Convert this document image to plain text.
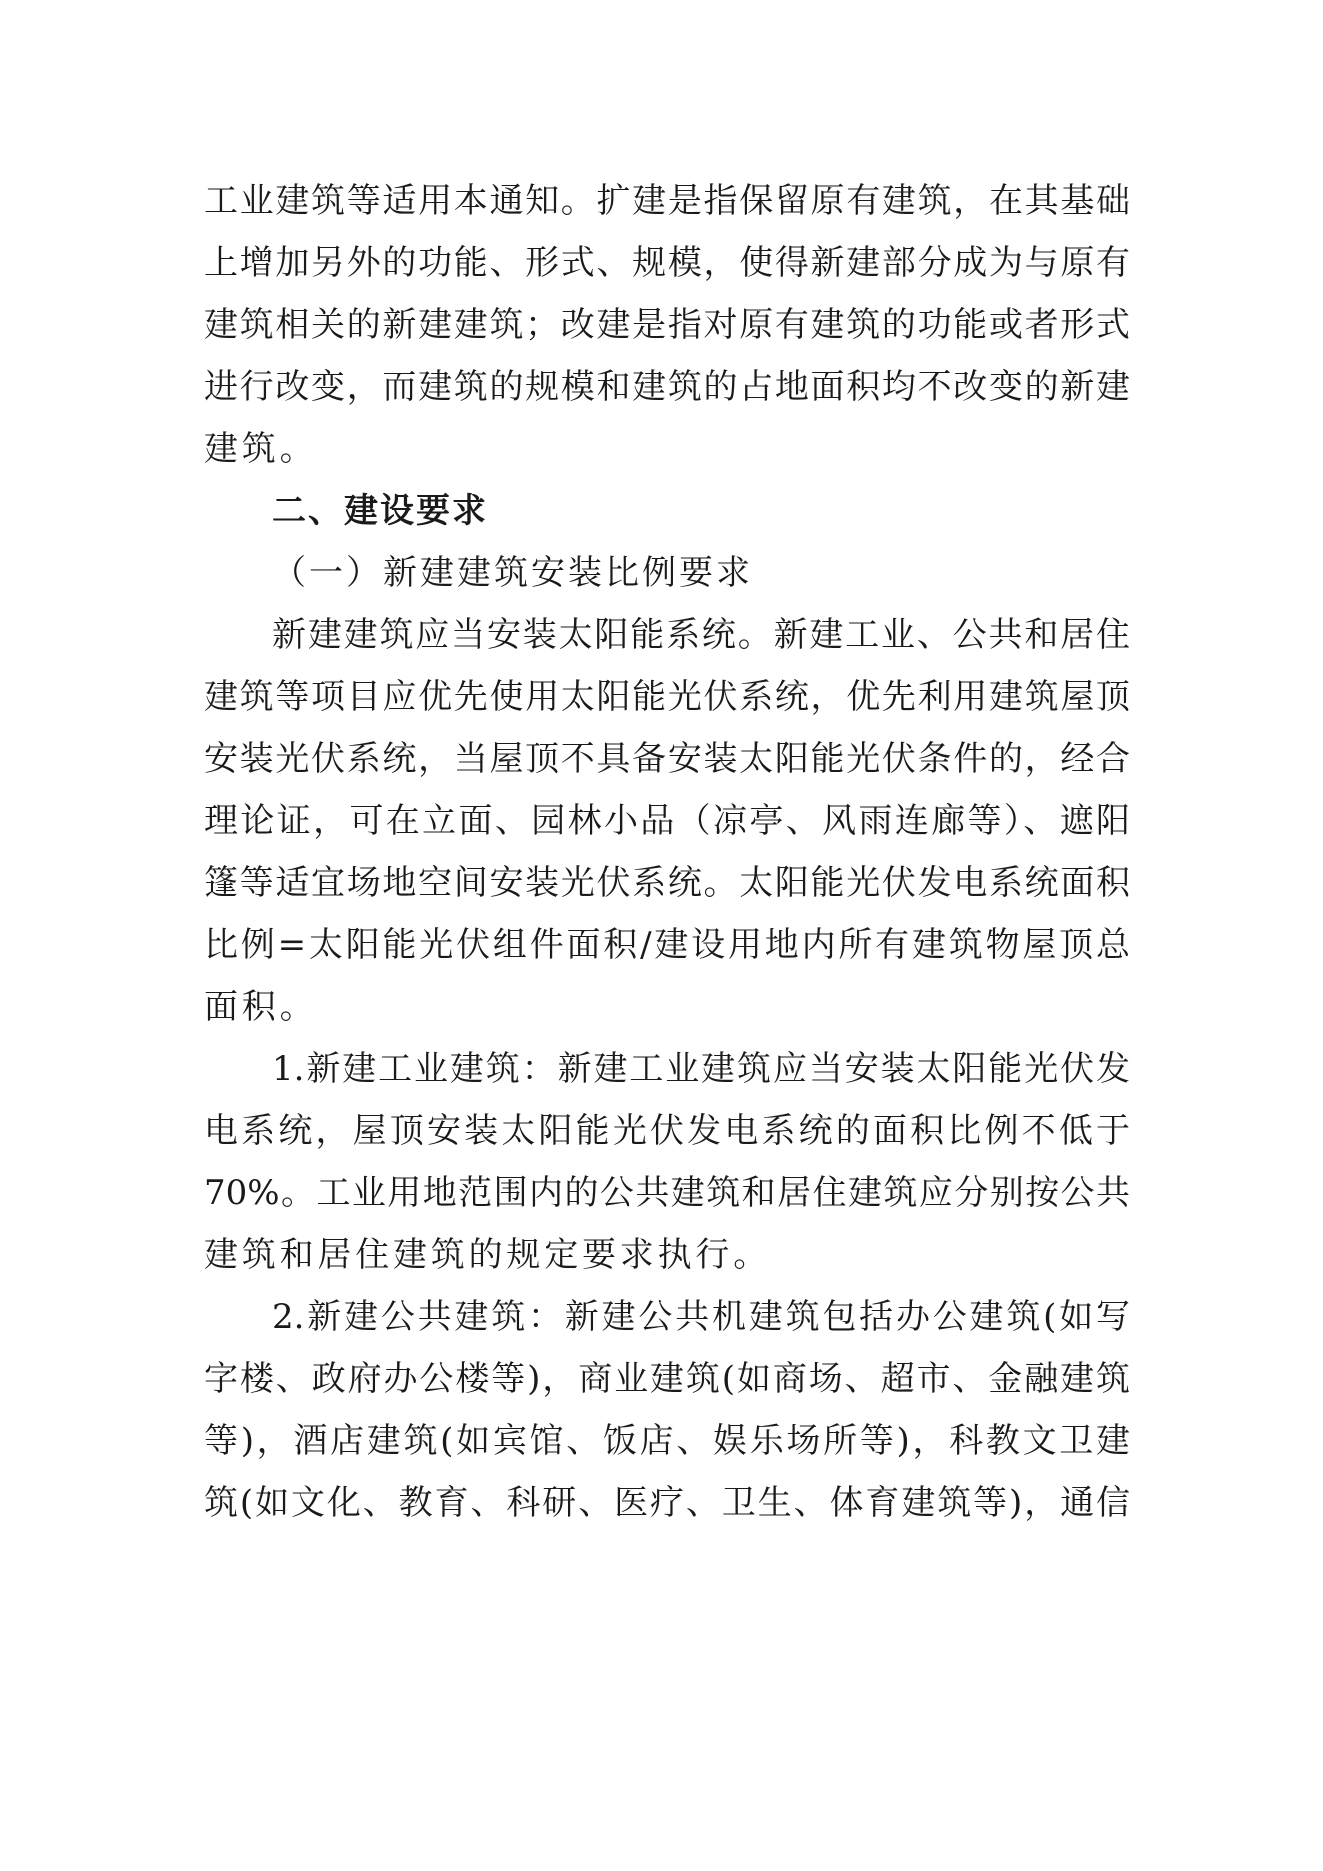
工业建筑等适用本通知。扩建是指保留原有建筑，在其基础
上增加另外的功能、形式、规模，使得新建部分成为与原有
建筑相关的新建建筑；改建是指对原有建筑的功能或者形式
进行改变，而建筑的规模和建筑的占地面积均不改变的新建
建筑。
二、建设要求
（一）新建建筑安装比例要求
新建建筑应当安装太阳能系统。新建工业、公共和居住
建筑等项目应优先使用太阳能光伏系统，优先利用建筑屋顶
安装光伏系统，当屋顶不具备安装太阳能光伏条件的，经合
理论证，可在立面、园林小品（凉亭、风雨连廊等）、遮阳
篷等适宜场地空间安装光伏系统。太阳能光伏发电系统面积
比例=太阳能光伏组件面积/建设用地内所有建筑物屋顶总
面积。
1.新建工业建筑：新建工业建筑应当安装太阳能光伏发
电系统，屋顶安装太阳能光伏发电系统的面积比例不低于
70%。工业用地范围内的公共建筑和居住建筑应分别按公共
建筑和居住建筑的规定要求执行。
2.新建公共建筑：新建公共机建筑包括办公建筑(如写
字楼、政府办公楼等)，商业建筑(如商场、超市、金融建筑
等)，酒店建筑(如宾馆、饭店、娱乐场所等)，科教文卫建
筑(如文化、教育、科研、医疗、卫生、体育建筑等)，通信
